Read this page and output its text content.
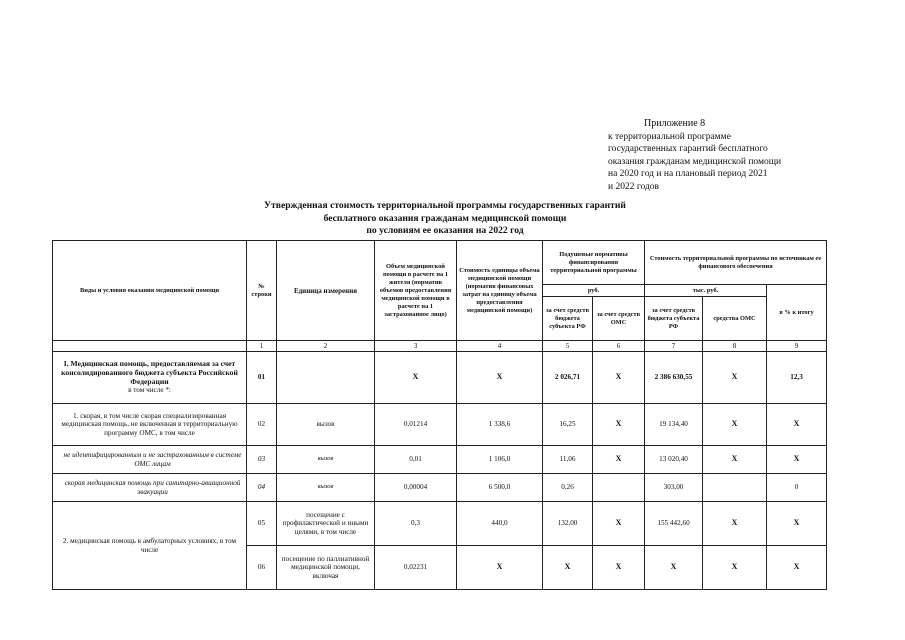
Приложение 8
к территориальной программе
государственных гарантий бесплатного
оказания гражданам медицинской помощи
на 2020 год и на плановый период 2021
и 2022 годов
Утвержденная стоимость территориальной программы государственных гарантий
бесплатного оказания гражданам медицинской помощи
по условиям ее оказания на 2022 год
Виды и условия оказания медицинской помощи	№ строки	Единица измерения	Объем медицинской помощи в расчете на 1 жителя (норматив объемов предоставления медицинской помощи в расчете на 1 застрахованное лицо)	Стоимость единицы объема медицинской помощи (норматив финансовых затрат на единицу объема предоставления медицинской помощи)	Подушевые нормативы финансирования территориальной программы		Стоимость территориальной программы по источникам ее финансового обеспечения		
					руб.		тыс. руб.		в % к итогу
					за счет средств бюджета субъекта РФ	за счет средств ОМС	за счет средств бюджета субъекта РФ	средства ОМС	
	1	2	3	4	5	6	7	8	9
I. Медицинская помощь, предоставляемая за счет консолидированного бюджета субъекта Российской Федерации
в том числе *:	01		Х	Х	2 026,71	Х	2 386 630,55	Х	12,3
1. скорая, в том числе скорая специализированная медицинская помощь, не включенная в территориальную программу ОМС, в том числе	02	вызов	0,01214	1 338,6	16,25	Х	19 134,40	Х	Х
не идентифицированным и не застрахованным в системе ОМС лицам	03	вызов	0,01	1 106,0	11,06	Х	13 020,40	Х	Х
скорая медицинская помощь при санитарно-авиационной эвакуации	04	вызов	0,00004	6 500,0	0,26		303,00		0
2. медицинская помощь в амбулаторных условиях, в том числе	05	посещение с профилактической и иными целями, в том числе	0,3	440,0	132,00	Х	155 442,60	Х	Х
	06	посещение по паллиативной медицинской помощи, включая	0,02231	Х	Х	Х	Х	Х	Х
